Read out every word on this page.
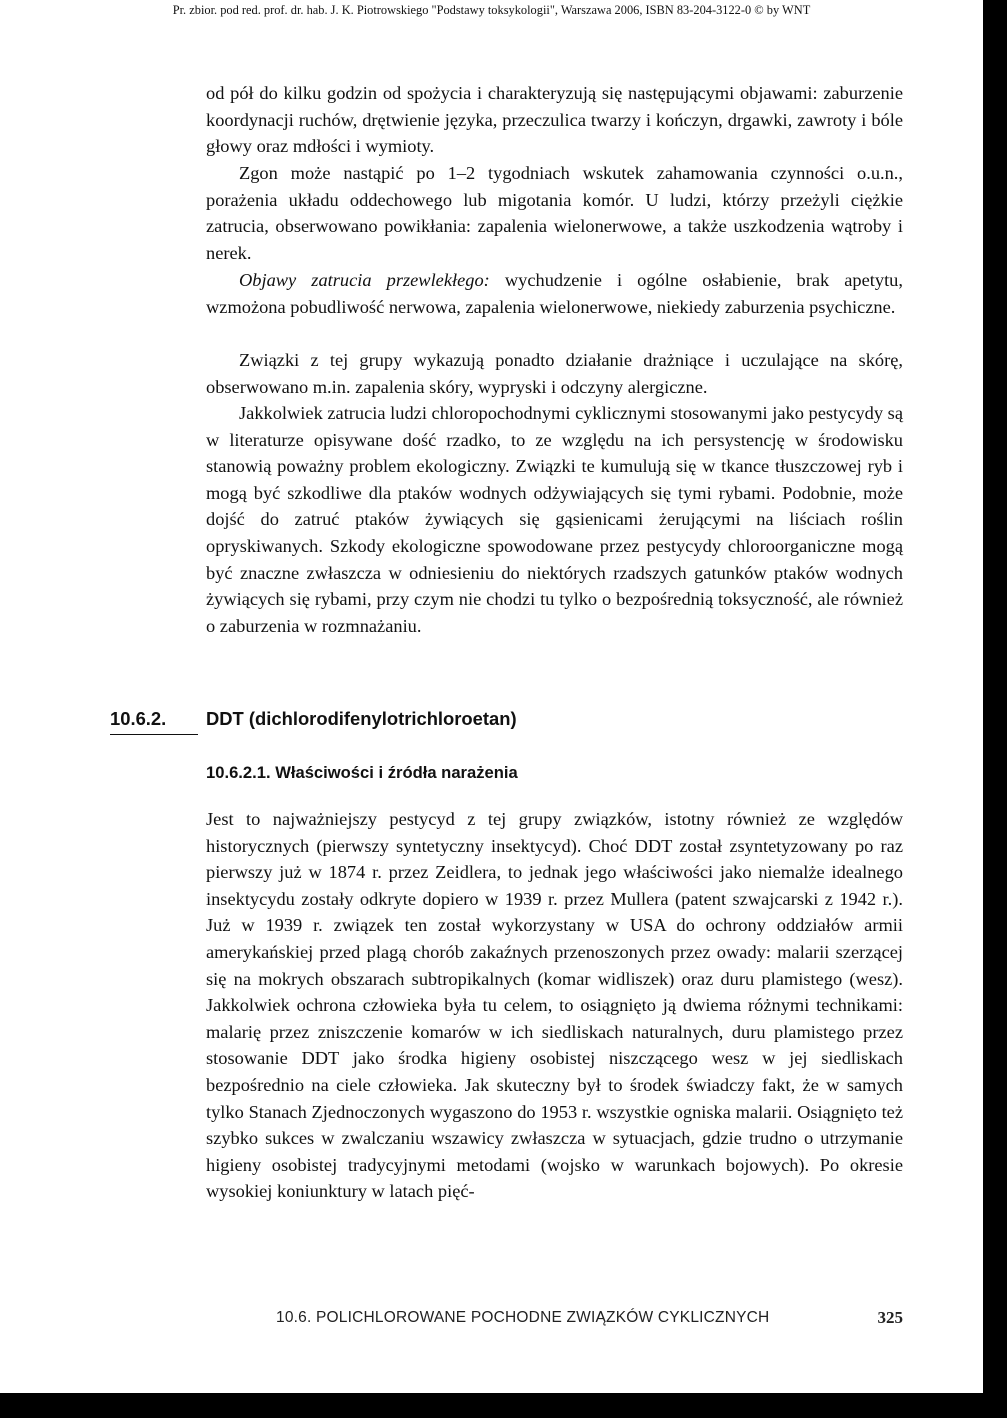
Pr. zbior. pod red. prof. dr. hab. J. K. Piotrowskiego "Podstawy toksykologii", Warszawa 2006, ISBN 83-204-3122-0 © by WNT

od pół do kilku godzin od spożycia i charakteryzują się następującymi objawami: zaburzenie koordynacji ruchów, drętwienie języka, przeczulica twarzy i kończyn, drgawki, zawroty i bóle głowy oraz mdłości i wymioty.

Zgon może nastąpić po 1–2 tygodniach wskutek zahamowania czynności o.u.n., porażenia układu oddechowego lub migotania komór. U ludzi, którzy przeżyli ciężkie zatrucia, obserwowano powikłania: zapalenia wielonerwowe, a także uszkodzenia wątroby i nerek.

Objawy zatrucia przewlekłego: wychudzenie i ogólne osłabienie, brak apetytu, wzmożona pobudliwość nerwowa, zapalenia wielonerwowe, niekiedy zaburzenia psychiczne.

Związki z tej grupy wykazują ponadto działanie drażniące i uczulające na skórę, obserwowano m.in. zapalenia skóry, wypryski i odczyny alergiczne.

Jakkolwiek zatrucia ludzi chloropochodnymi cyklicznymi stosowanymi jako pestycydy są w literaturze opisywane dość rzadko, to ze względu na ich persystencję w środowisku stanowią poważny problem ekologiczny. Związki te kumulują się w tkance tłuszczowej ryb i mogą być szkodliwe dla ptaków wodnych odżywiających się tymi rybami. Podobnie, może dojść do zatruć ptaków żywiących się gąsienicami żerującymi na liściach roślin opryskiwanych. Szkody ekologiczne spowodowane przez pestycydy chloroorganiczne mogą być znaczne zwłaszcza w odniesieniu do niektórych rzadszych gatunków ptaków wodnych żywiących się rybami, przy czym nie chodzi tu tylko o bezpośrednią toksyczność, ale również o zaburzenia w rozmnażaniu.

10.6.2.	DDT (dichlorodifenylotrichloroetan)
10.6.2.1. Właściwości i źródła narażenia

Jest to najważniejszy pestycyd z tej grupy związków, istotny również ze względów historycznych (pierwszy syntetyczny insektycyd). Choć DDT został zsyntetyzowany po raz pierwszy już w 1874 r. przez Zeidlera, to jednak jego właściwości jako niemalże idealnego insektycydu zostały odkryte dopiero w 1939 r. przez Mullera (patent szwajcarski z 1942 r.). Już w 1939 r. związek ten został wykorzystany w USA do ochrony oddziałów armii amerykańskiej przed plagą chorób zakaźnych przenoszonych przez owady: malarii szerzącej się na mokrych obszarach subtropikalnych (komar widliszek) oraz duru plamistego (wesz). Jakkolwiek ochrona człowieka była tu celem, to osiągnięto ją dwiema różnymi technikami: malarię przez zniszczenie komarów w ich siedliskach naturalnych, duru plamistego przez stosowanie DDT jako środka higieny osobistej niszczącego wesz w jej siedliskach bezpośrednio na ciele człowieka. Jak skuteczny był to środek świadczy fakt, że w samych tylko Stanach Zjednoczonych wygaszono do 1953 r. wszystkie ogniska malarii. Osiągnięto też szybko sukces w zwalczaniu wszawicy zwłaszcza w sytuacjach, gdzie trudno o utrzymanie higieny osobistej tradycyjnymi metodami (wojsko w warunkach bojowych). Po okresie wysokiej koniunktury w latach pięć-

10.6. POLICHLOROWANE POCHODNE ZWIĄZKÓW CYKLICZNYCH	325
